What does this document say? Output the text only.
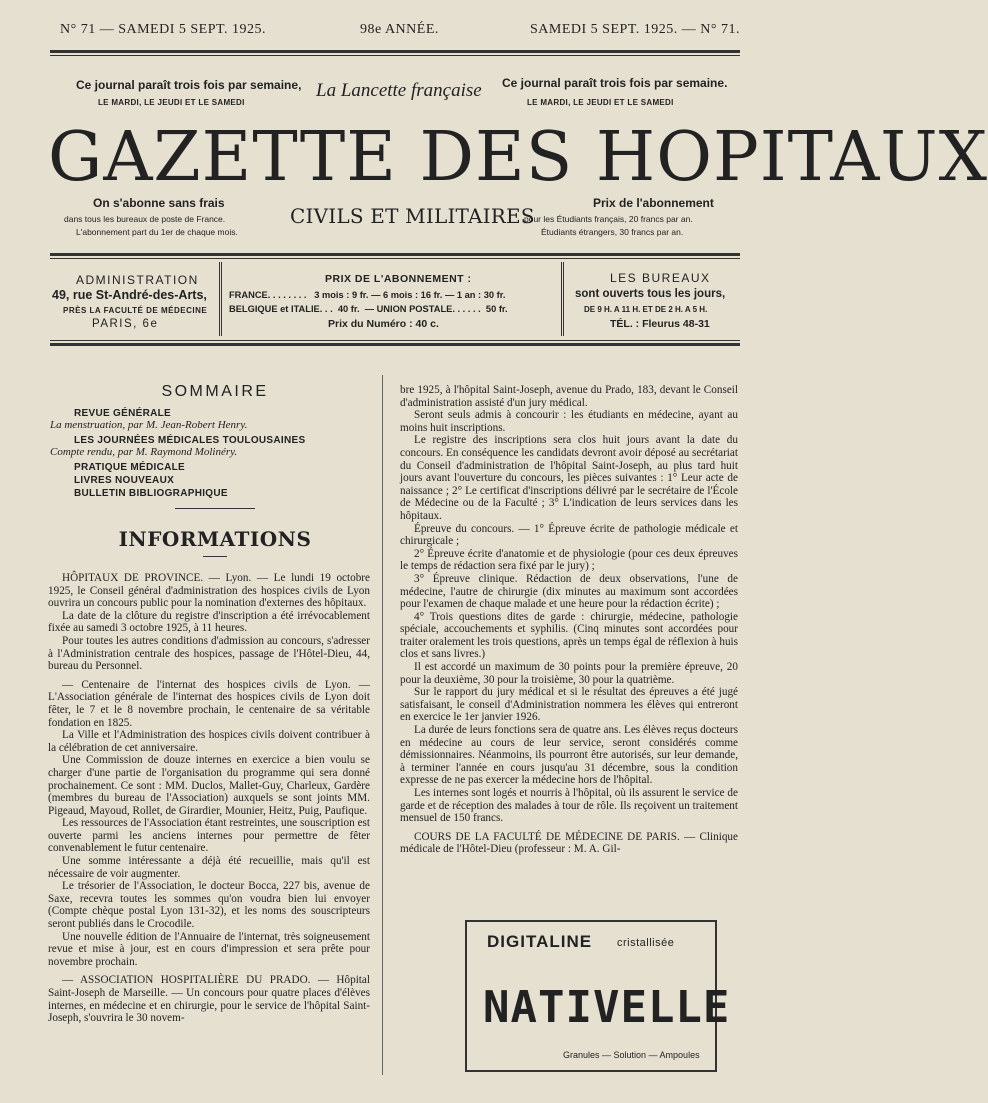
N° 71 — SAMEDI 5 SEPT. 1925.	98e ANNÉE.	SAMEDI 5 SEPT. 1925. — N° 71.
Ce journal paraît trois fois par semaine,
LE MARDI, LE JEUDI ET LE SAMEDI
La Lancette française Ce journal paraît trois fois par semaine.
LE MARDI, LE JEUDI ET LE SAMEDI
GAZETTE DES HOPITAUX
CIVILS ET MILITAIRES
On s'abonne sans frais
dans tous les bureaux de poste de France.
L'abonnement part du 1er de chaque mois.
Prix de l'abonnement
pour les Étudiants français, 20 francs par an.
Étudiants étrangers, 30 francs par an.
ADMINISTRATION
49, rue St-André-des-Arts,
PRÈS LA FACULTÉ DE MÉDECINE
PARIS, 6e
PRIX DE L'ABONNEMENT :
FRANCE. . . . . . . .   3 mois : 9 fr. — 6 mois : 16 fr. — 1 an : 30 fr.
BELGIQUE et ITALIE. . .  40 fr.  — UNION POSTALE. . . . . .  50 fr.
Prix du Numéro : 40 c.
LES BUREAUX
sont ouverts tous les jours,
DE 9 H. A 11 H. ET DE 2 H. A 5 H.
TÉL. : Fleurus 48-31
SOMMAIRE
REVUE GÉNÉRALE
La menstruation, par M. Jean-Robert Henry.
LES JOURNÉES MÉDICALES TOULOUSAINES
Compte rendu, par M. Raymond Molinéry.
PRATIQUE MÉDICALE
LIVRES NOUVEAUX
BULLETIN BIBLIOGRAPHIQUE
INFORMATIONS

HÔPITAUX DE PROVINCE. — Lyon. — Le lundi 19 octobre 1925, le Conseil général d'administration des hospices civils de Lyon ouvrira un concours public pour la nomination d'externes des hôpitaux.

La date de la clôture du registre d'inscription a été irrévocablement fixée au samedi 3 octobre 1925, à 11 heures.

Pour toutes les autres conditions d'admission au concours, s'adresser à l'Administration centrale des hospices, passage de l'Hôtel-Dieu, 44, bureau du Personnel.

— Centenaire de l'internat des hospices civils de Lyon. — L'Association générale de l'internat des hospices civils de Lyon doit fêter, le 7 et le 8 novembre prochain, le centenaire de sa véritable fondation en 1825.

La Ville et l'Administration des hospices civils doivent contribuer à la célébration de cet anniversaire.

Une Commission de douze internes en exercice a bien voulu se charger d'une partie de l'organisation du programme qui sera donné prochainement. Ce sont : MM. Duclos, Mallet-Guy, Charleux, Gardère (membres du bureau de l'Association) auxquels se sont joints MM. Pigeaud, Mayoud, Rollet, de Girardier, Mounier, Heitz, Puig, Paufique.

Les ressources de l'Association étant restreintes, une souscription est ouverte parmi les anciens internes pour permettre de fêter convenablement le futur centenaire.

Une somme intéressante a déjà été recueillie, mais qu'il est nécessaire de voir augmenter.

Le trésorier de l'Association, le docteur Bocca, 227 bis, avenue de Saxe, recevra toutes les sommes qu'on voudra bien lui envoyer (Compte chèque postal Lyon 131-32), et les noms des souscripteurs seront publiés dans le Crocodile.

Une nouvelle édition de l'Annuaire de l'internat, très soigneusement revue et mise à jour, est en cours d'impression et sera prête pour novembre prochain.

— ASSOCIATION HOSPITALIÈRE DU PRADO. — Hôpital Saint-Joseph de Marseille. — Un concours pour quatre places d'élèves internes, en médecine et en chirurgie, pour le service de l'hôpital Saint-Joseph, s'ouvrira le 30 novem-

bre 1925, à l'hôpital Saint-Joseph, avenue du Prado, 183, devant le Conseil d'administration assisté d'un jury médical.

Seront seuls admis à concourir : les étudiants en médecine, ayant au moins huit inscriptions.

Le registre des inscriptions sera clos huit jours avant la date du concours. En conséquence les candidats devront avoir déposé au secrétariat du Conseil d'administration de l'hôpital Saint-Joseph, au plus tard huit jours avant l'ouverture du concours, les pièces suivantes : 1° Leur acte de naissance ; 2° Le certificat d'inscriptions délivré par le secrétaire de l'École de Médecine ou de la Faculté ; 3° L'indication de leurs services dans les hôpitaux.

Épreuve du concours. — 1° Épreuve écrite de pathologie médicale et chirurgicale ;

2° Épreuve écrite d'anatomie et de physiologie (pour ces deux épreuves le temps de rédaction sera fixé par le jury) ;

3° Épreuve clinique. Rédaction de deux observations, l'une de médecine, l'autre de chirurgie (dix minutes au maximum sont accordées pour l'examen de chaque malade et une heure pour la rédaction écrite) ;

4° Trois questions dites de garde : chirurgie, médecine, pathologie spéciale, accouchements et syphilis. (Cinq minutes sont accordées pour traiter oralement les trois questions, après un temps égal de réflexion à huis clos et sans livres.)

Il est accordé un maximum de 30 points pour la première épreuve, 20 pour la deuxième, 30 pour la troisième, 30 pour la quatrième.

Sur le rapport du jury médical et si le résultat des épreuves a été jugé satisfaisant, le conseil d'Administration nommera les élèves qui entreront en exercice le 1er janvier 1926.

La durée de leurs fonctions sera de quatre ans. Les élèves reçus docteurs en médecine au cours de leur service, seront considérés comme démissionnaires. Néanmoins, ils pourront être autorisés, sur leur demande, à terminer l'année en cours jusqu'au 31 décembre, sous la condition expresse de ne pas exercer la médecine hors de l'hôpital.

Les internes sont logés et nourris à l'hôpital, où ils assurent le service de garde et de réception des malades à tour de rôle. Ils reçoivent un traitement mensuel de 150 francs.

COURS DE LA FACULTÉ DE MÉDECINE DE PARIS. — Clinique médicale de l'Hôtel-Dieu (professeur : M. A. Gil-

DIGITALINE cristallisée
NATIVELLE
Granules — Solution — Ampoules
